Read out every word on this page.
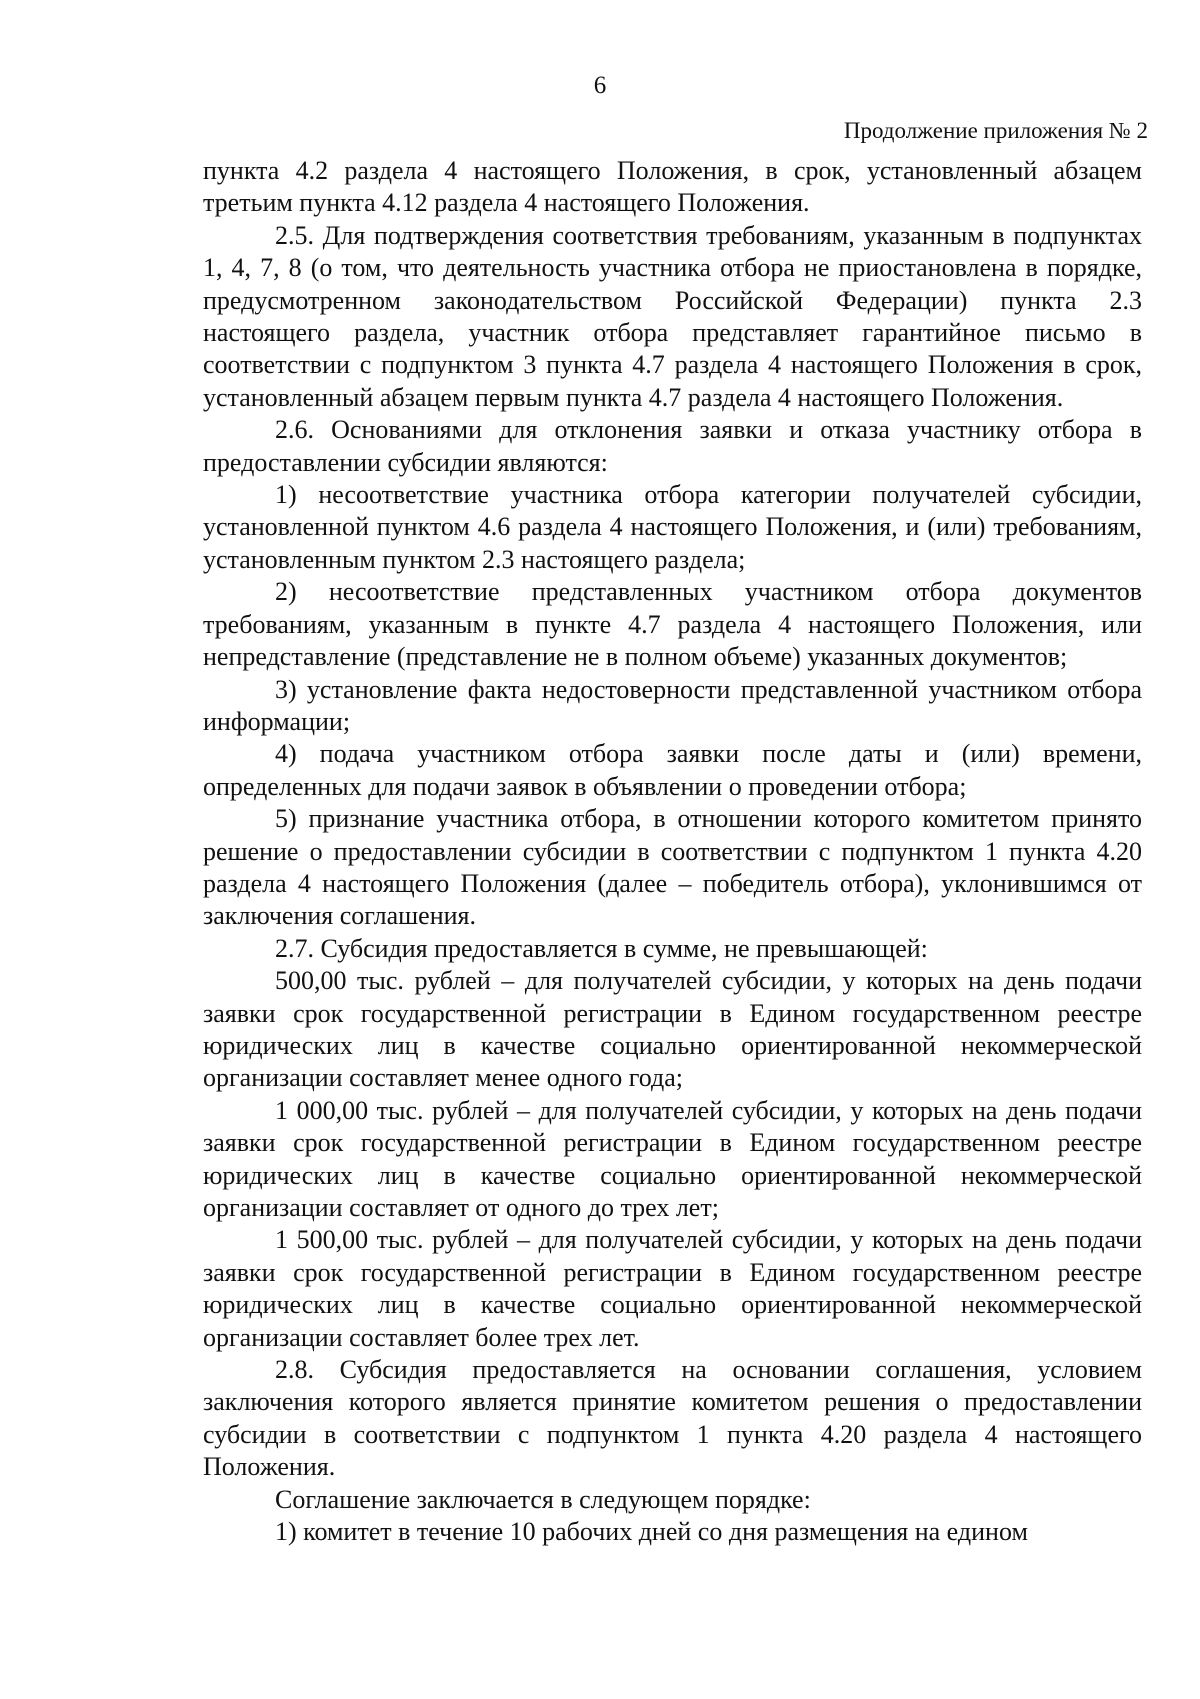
6
Продолжение приложения № 2

пункта 4.2 раздела 4 настоящего Положения, в срок, установленный абзацем третьим пункта 4.12 раздела 4 настоящего Положения.

2.5. Для подтверждения соответствия требованиям, указанным в подпунктах 1, 4, 7, 8 (о том, что деятельность участника отбора не приостановлена в порядке, предусмотренном законодательством Российской Федерации) пункта 2.3 настоящего раздела, участник отбора представляет гарантийное письмо в соответствии с подпунктом 3 пункта 4.7 раздела 4 настоящего Положения в срок, установленный абзацем первым пункта 4.7 раздела 4 настоящего Положения.

2.6. Основаниями для отклонения заявки и отказа участнику отбора в предоставлении субсидии являются:

1) несоответствие участника отбора категории получателей субсидии, установленной пунктом 4.6 раздела 4 настоящего Положения, и (или) требованиям, установленным пунктом 2.3 настоящего раздела;

2) несоответствие представленных участником отбора документов требованиям, указанным в пункте 4.7 раздела 4 настоящего Положения, или непредставление (представление не в полном объеме) указанных документов;

3) установление факта недостоверности представленной участником отбора информации;

4) подача участником отбора заявки после даты и (или) времени, определенных для подачи заявок в объявлении о проведении отбора;

5) признание участника отбора, в отношении которого комитетом принято решение о предоставлении субсидии в соответствии с подпунктом 1 пункта 4.20 раздела 4 настоящего Положения (далее – победитель отбора), уклонившимся от заключения соглашения.

2.7. Субсидия предоставляется в сумме, не превышающей:

500,00 тыс. рублей – для получателей субсидии, у которых на день подачи заявки срок государственной регистрации в Едином государственном реестре юридических лиц в качестве социально ориентированной некоммерческой организации составляет менее одного года;

1 000,00 тыс. рублей – для получателей субсидии, у которых на день подачи заявки срок государственной регистрации в Едином государственном реестре юридических лиц в качестве социально ориентированной некоммерческой организации составляет от одного до трех лет;

1 500,00 тыс. рублей – для получателей субсидии, у которых на день подачи заявки срок государственной регистрации в Едином государственном реестре юридических лиц в качестве социально ориентированной некоммерческой организации составляет более трех лет.

2.8. Субсидия предоставляется на основании соглашения, условием заключения которого является принятие комитетом решения о предоставлении субсидии в соответствии с подпунктом 1 пункта 4.20 раздела 4 настоящего Положения.

Соглашение заключается в следующем порядке:

1) комитет в течение 10 рабочих дней со дня размещения на едином
